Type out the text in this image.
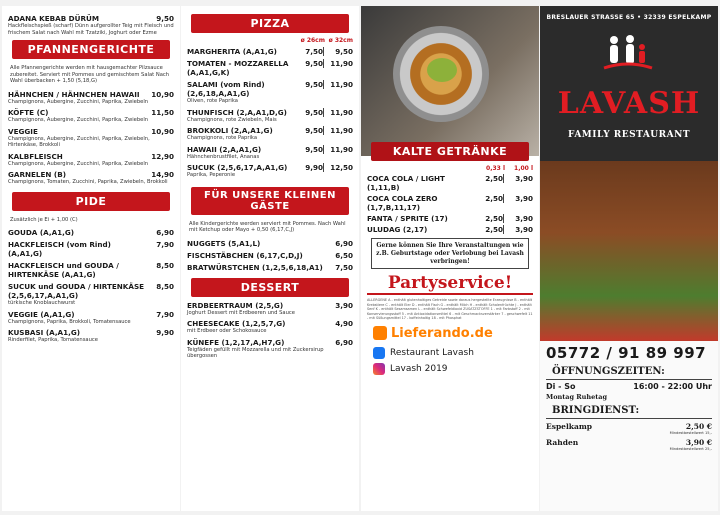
ADANA KEBAB DÜRÜM	9,50
Hackfleischspieß (scharf) Dünn aufgerollter Teig mit Fleisch und frischem Salat nach Wahl mit Tzatziki, Joghurt oder Ezme
PFANNENGERICHTE
Alle Pfannengerichte werden mit hausgemachter Pilzsauce zubereitet. Serviert mit Pommes und gemischtem Salat Nach Wahl überbacken + 1,50 (5,18,G)
HÄHNCHEN / HÄHNCHEN HAWAII	10,90
Champignons, Aubergine, Zucchini, Paprika, Zwiebeln
KÖFTE (C)	11,50
Champignons, Aubergine, Zucchini, Paprika, Zwiebeln
VEGGIE	10,90
Champignons, Aubergine, Zucchini, Paprika, Zwiebeln, Hirtenkäse, Brokkoli
KALBFLEISCH	12,90
Champignons, Aubergine, Zucchini, Paprika, Zwiebeln
GARNELEN (B)	14,90
Champignons, Tomaten, Zucchini, Paprika, Zwiebeln, Brokkoli
PIDE
Zusätzlich je Ei + 1,00 (C)
GOUDA (A,A1,G)	6,90
HACKFLEISCH (vom Rind) (A,A1,G)
7,90
HACKFLEISCH und GOUDA / HIRTENKÄSE (A,A1,G)
8,50
SUCUK und GOUDA / HIRTENKÄSE (2,5,6,17,A,A1,G)
8,50
türkische Knoblauchwurst
VEGGIE (A,A1,G)	7,90
Champignons, Paprika, Brokkoli, Tomatensauce
KUSBASI (A,A1,G)	9,90
Rinderfilet, Paprika, Tomatensauce
PIZZA
ø 26cm ø 32cm
MARGHERITA (A,A1,G)	7,50	9,50
TOMATEN - MOZZARELLA (A,A1,G,K)
9,50	11,90
SALAMI (vom Rind) (2,6,18,A,A1,G)
9,50	11,90
Oliven, rote Paprika
THUNFISCH (2,A,A1,D,G)	9,50	11,90
Champignons, rote Zwiebeln, Mais
BROKKOLI (2,A,A1,G)	9,50	11,90
Champignons, rote Paprika
HAWAII (2,A,A1,G)	9,50	11,90
Hähnchenbrustfilet, Ananas
SUCUK (2,5,6,17,A,A1,G)	9,90	12,50
Paprika, Peperonie
FÜR UNSERE KLEINEN GÄSTE
Alle Kindergerichte werden serviert mit Pommes. Nach Wahl mit Ketchup oder Mayo + 0,50 (6,17,C,J)
NUGGETS (5,A1,L)	6,90
FISCHSTÄBCHEN (6,17,C,D,J)	6,50
BRATWÜRSTCHEN (1,2,5,6,18,A1)	7,50
DESSERT
ERDBEERTRAUM (2,5,G)	3,90
Joghurt Dessert mit Erdbeeren und Sauce
CHEESECAKE (1,2,5,7,G)	4,90
mit Erdbeer oder Schokosauce
KÜNEFE (1,2,17,A,H7,G)	6,90
Teigfäden gefüllt mit Mozzarella und mit Zuckersirup übergossen
KALTE GETRÄNKE
0,33 l	1,00 l
COCA COLA / LIGHT (1,11,B)
2,50	3,90
COCA COLA ZERO (1,7,B,11,17)
2,50	3,90
FANTA / SPRITE (17)	2,50	3,90
ULUDAG (2,17)	2,50	3,90
Gerne können Sie Ihre Veranstaltungen wie z.B. Geburtstage oder Verlobung bei Lavash verbringen!
Partyservice!
ALLERGENE A - enthält glutenhaltiges Getreide sowie daraus hergestellte Erzeugnisse B - enthält Krebstiere C - enthält Eier D - enthält Fisch G - enthält Milch H - enthält Schalenfrüchte J - enthält Senf K - enthält Sesamsamen L - enthält Schwefeldioxid ZUSATZSTOFFE 1 - mit Farbstoff 2 - mit Konservierungsstoff 5 - mit Antioxidationsmittel 6 - mit Geschmacksverstärker 7 - geschwefelt 11 - mit Süßungsmittel 17 - koffeinhaltig 18 - mit Phosphat
Lieferando.de
Restaurant Lavash
Lavash 2019
BRESLAUER STRASSE 65 • 32339 ESPELKAMP
LAVASH
FAMILY RESTAURANT
05772 / 91 89 997
ÖFFNUNGSZEITEN:
Di - So	16:00 - 22:00 Uhr
Montag Ruhetag
BRINGDIENST:
Espelkamp	2,50 €
Mindestbestellwert 15,-
Rahden	3,90 €
Mindestbestellwert 25,-
